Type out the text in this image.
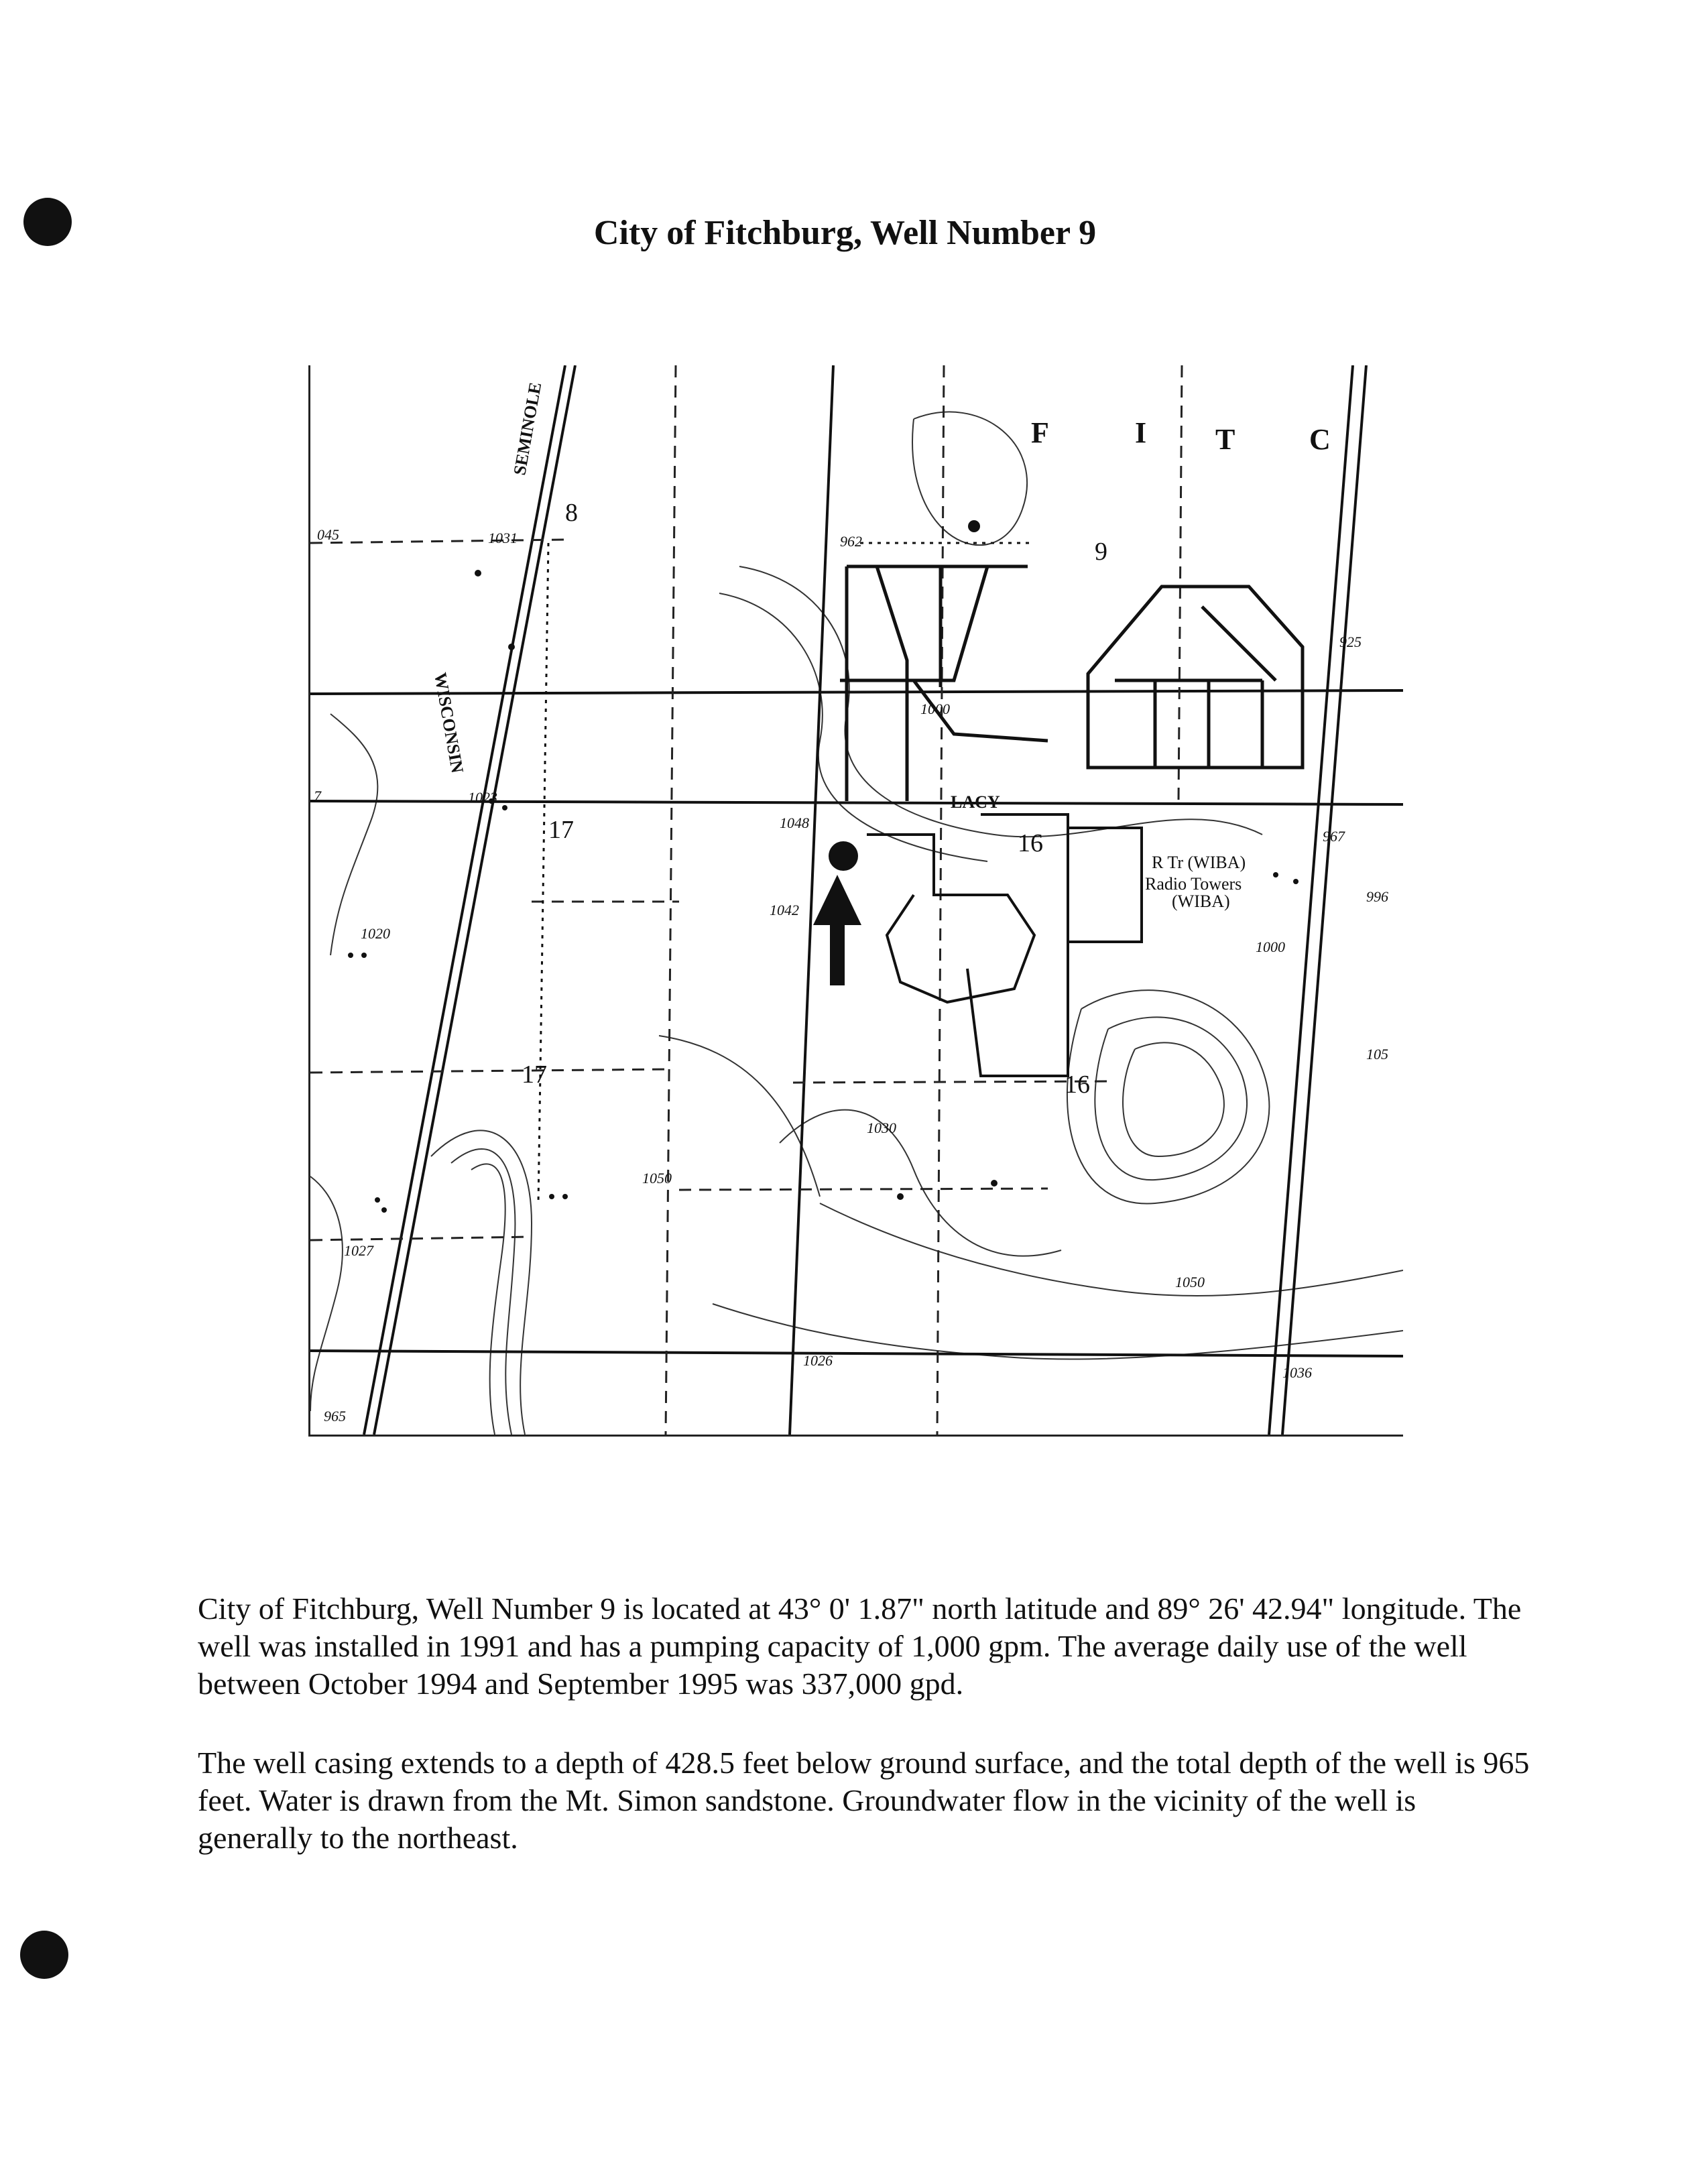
City of Fitchburg, Well Number 9
F	I T	C
SEMINOLE
WISCONSIN
LACY
R Tr (WIBA)
Radio Towers
(WIBA)
8
9
17
17
16
16
1031
1023
1048
1042
1020
1000
1000
1030
1050
1050
105
1027
1026
967
996
925
962
1036
965
045
7

City of Fitchburg, Well Number 9 is located at 43° 0' 1.87" north latitude and 89° 26' 42.94" longitude. The well was installed in 1991 and has a pumping capacity of 1,000 gpm. The average daily use of the well between October 1994 and September 1995 was 337,000 gpd.

The well casing extends to a depth of 428.5 feet below ground surface, and the total depth of the well is 965 feet. Water is drawn from the Mt. Simon sandstone. Groundwater flow in the vicinity of the well is generally to the northeast.
